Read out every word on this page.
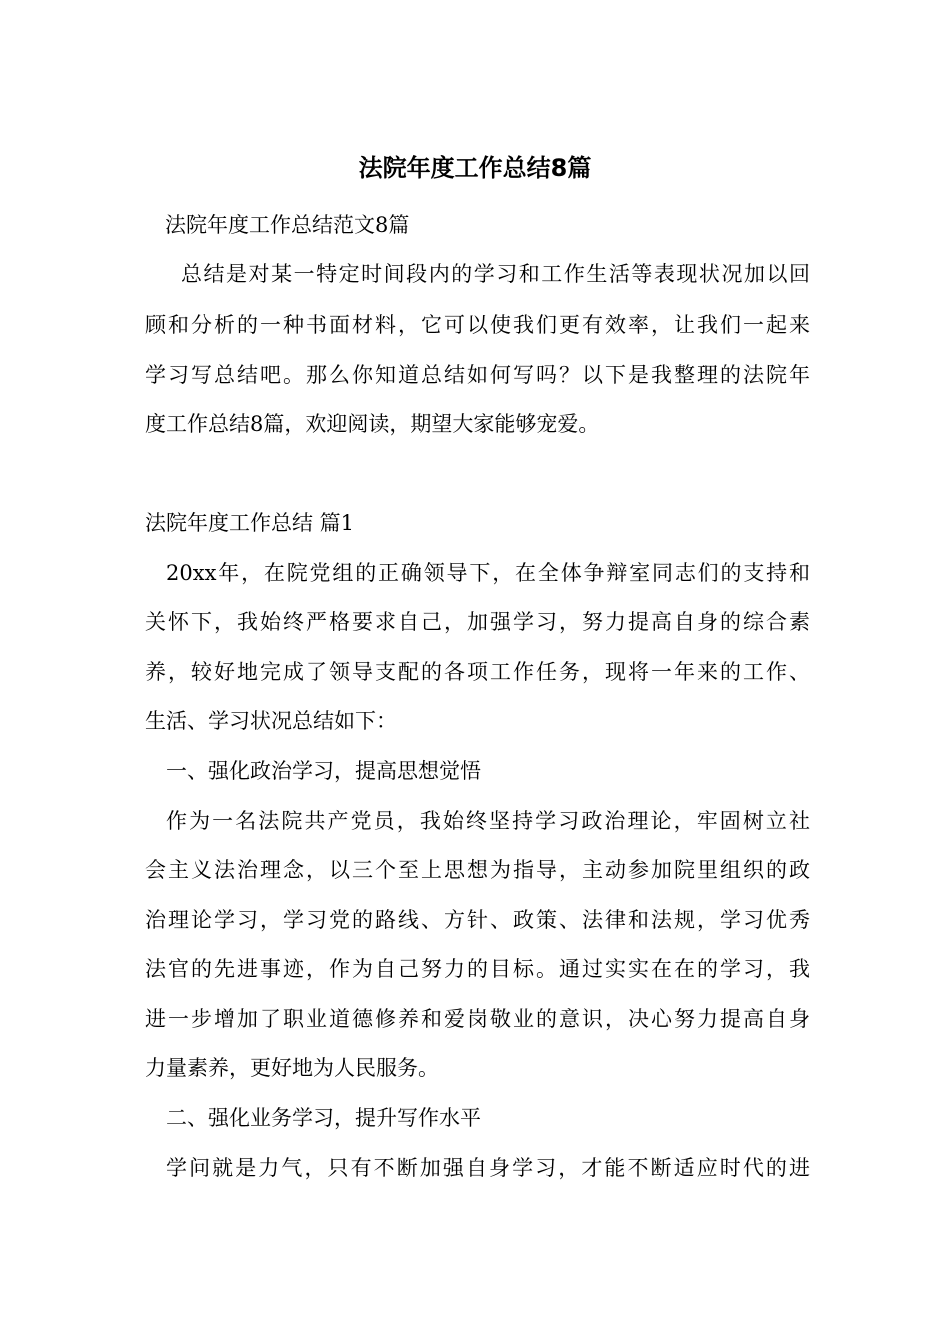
法院年度工作总结8篇
法院年度工作总结范文8篇
总结是对某一特定时间段内的学习和工作生活等表现状况加以回
顾和分析的一种书面材料，它可以使我们更有效率，让我们一起来
学习写总结吧。那么你知道总结如何写吗？以下是我整理的法院年
度工作总结8篇，欢迎阅读，期望大家能够宠爱。
法院年度工作总结 篇1
20xx年，在院党组的正确领导下，在全体争辩室同志们的支持和
关怀下，我始终严格要求自己，加强学习，努力提高自身的综合素
养，较好地完成了领导支配的各项工作任务，现将一年来的工作、
生活、学习状况总结如下：
一、强化政治学习，提高思想觉悟
作为一名法院共产党员，我始终坚持学习政治理论，牢固树立社
会主义法治理念，以三个至上思想为指导，主动参加院里组织的政
治理论学习，学习党的路线、方针、政策、法律和法规，学习优秀
法官的先进事迹，作为自己努力的目标。通过实实在在的学习，我
进一步增加了职业道德修养和爱岗敬业的意识，决心努力提高自身
力量素养，更好地为人民服务。
二、强化业务学习，提升写作水平
学问就是力气，只有不断加强自身学习，才能不断适应时代的进
